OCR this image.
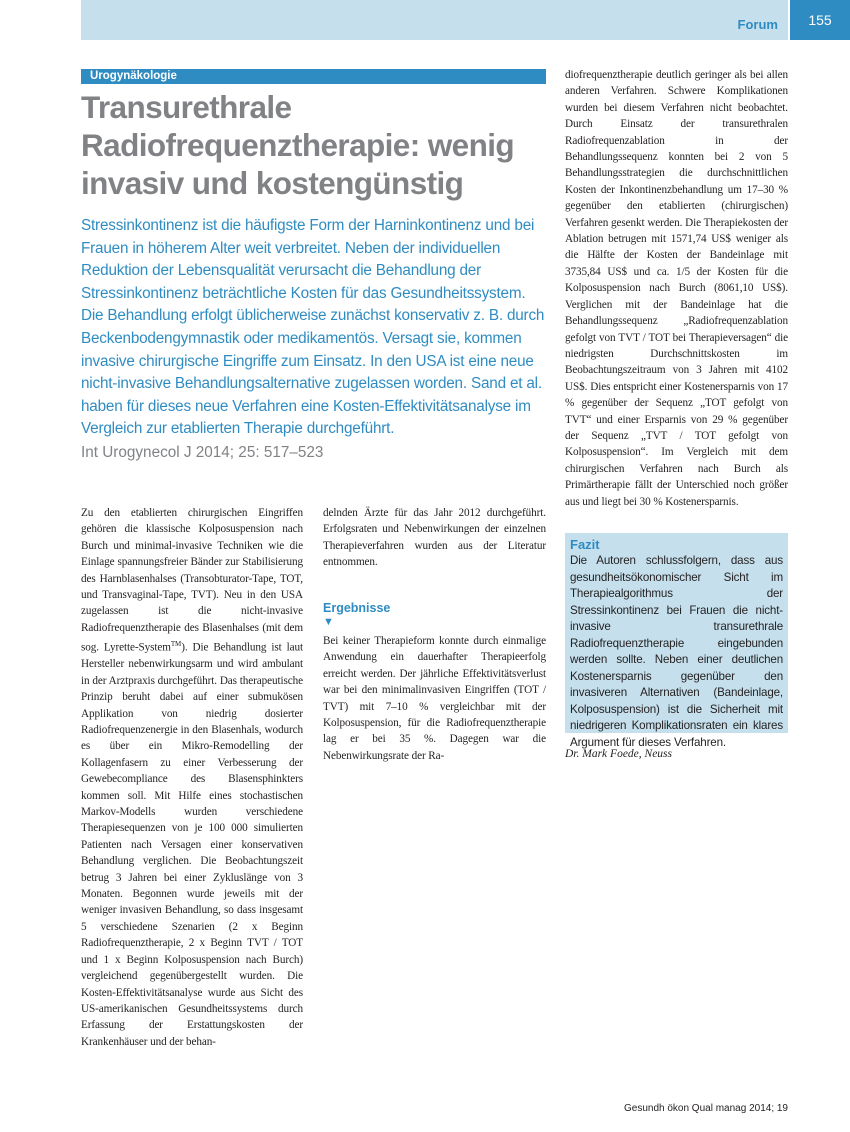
Forum	155
Urogynäkologie
Transurethrale Radiofrequenztherapie: wenig invasiv und kostengünstig
Stressinkontinenz ist die häufigste Form der Harninkontinenz und bei Frauen in höherem Alter weit verbreitet. Neben der individuellen Reduktion der Lebensqualität verursacht die Behandlung der Stressinkontinenz beträchtliche Kosten für das Gesundheitssystem. Die Behandlung erfolgt üblicherweise zunächst konservativ z. B. durch Beckenbodengymnastik oder medikamentös. Versagt sie, kommen invasive chirurgische Eingriffe zum Einsatz. In den USA ist eine neue nicht-invasive Behandlungsalternative zugelassen worden. Sand et al. haben für dieses neue Verfahren eine Kosten-Effektivitätsanalyse im Vergleich zur etablierten Therapie durchgeführt.
Int Urogynecol J 2014; 25: 517–523
Zu den etablierten chirurgischen Eingriffen gehören die klassische Kolposuspension nach Burch und minimal-invasive Techniken wie die Einlage spannungsfreier Bänder zur Stabilisierung des Harnblasenhalses (Transobturator-Tape, TOT, und Transvaginal-Tape, TVT). Neu in den USA zugelassen ist die nicht-invasive Radiofrequenztherapie des Blasenhalses (mit dem sog. Lyrette-System™). Die Behandlung ist laut Hersteller nebenwirkungsarm und wird ambulant in der Arztpraxis durchgeführt. Das therapeutische Prinzip beruht dabei auf einer submukösen Applikation von niedrig dosierter Radiofrequenzenergie in den Blasenhals, wodurch es über ein Mikro-Remodelling der Kollagenfasern zu einer Verbesserung der Gewebecompliance des Blasensphinkters kommen soll. Mit Hilfe eines stochastischen Markov-Modells wurden verschiedene Therapiesequenzen von je 100 000 simulierten Patienten nach Versagen einer konservativen Behandlung verglichen. Die Beobachtungszeit betrug 3 Jahren bei einer Zykluslänge von 3 Monaten. Begonnen wurde jeweils mit der weniger invasiven Behandlung, so dass insgesamt 5 verschiedene Szenarien (2 x Beginn Radiofrequenztherapie, 2 x Beginn TVT / TOT und 1 x Beginn Kolposuspension nach Burch) vergleichend gegenübergestellt wurden. Die Kosten-Effektivitätsanalyse wurde aus Sicht des US-amerikanischen Gesundheitssystems durch Erfassung der Erstattungskosten der Krankenhäuser und der behan-
delnden Ärzte für das Jahr 2012 durchgeführt. Erfolgsraten und Nebenwirkungen der einzelnen Therapieverfahren wurden aus der Literatur entnommen.
Ergebnisse
▼
Bei keiner Therapieform konnte durch einmalige Anwendung ein dauerhafter Therapieerfolg erreicht werden. Der jährliche Effektivitätsverlust war bei den minimalinvasiven Eingriffen (TOT / TVT) mit 7–10 % vergleichbar mit der Kolposuspension, für die Radiofrequenztherapie lag er bei 35 %. Dagegen war die Nebenwirkungsrate der Ra-
diofrequenztherapie deutlich geringer als bei allen anderen Verfahren. Schwere Komplikationen wurden bei diesem Verfahren nicht beobachtet. Durch Einsatz der transurethralen Radiofrequenzablation in der Behandlungssequenz konnten bei 2 von 5 Behandlungsstrategien die durchschnittlichen Kosten der Inkontinenzbehandlung um 17–30 % gegenüber den etablierten (chirurgischen) Verfahren gesenkt werden. Die Therapiekosten der Ablation betrugen mit 1571,74 US$ weniger als die Hälfte der Kosten der Bandeinlage mit 3735,84 US$ und ca. 1/5 der Kosten für die Kolposuspension nach Burch (8061,10 US$). Verglichen mit der Bandeinlage hat die Behandlungssequenz „Radiofrequenzablation gefolgt von TVT / TOT bei Therapieversagen“ die niedrigsten Durchschnittskosten im Beobachtungszeitraum von 3 Jahren mit 4102 US$. Dies entspricht einer Kostenersparnis von 17 % gegenüber der Sequenz „TOT gefolgt von TVT“ und einer Ersparnis von 29 % gegenüber der Sequenz „TVT / TOT gefolgt von Kolposuspension“. Im Vergleich mit dem chirurgischen Verfahren nach Burch als Primärtherapie fällt der Unterschied noch größer aus und liegt bei 30 % Kostenersparnis.
Fazit
Die Autoren schlussfolgern, dass aus gesundheitsökonomischer Sicht im Therapiealgorithmus der Stressinkontinenz bei Frauen die nicht-invasive transurethrale Radiofrequenztherapie eingebunden werden sollte. Neben einer deutlichen Kostenersparnis gegenüber den invasiveren Alternativen (Bandeinlage, Kolposuspension) ist die Sicherheit mit niedrigeren Komplikationsraten ein klares Argument für dieses Verfahren.
Dr. Mark Foede, Neuss
Gesundh ökon Qual manag 2014; 19
